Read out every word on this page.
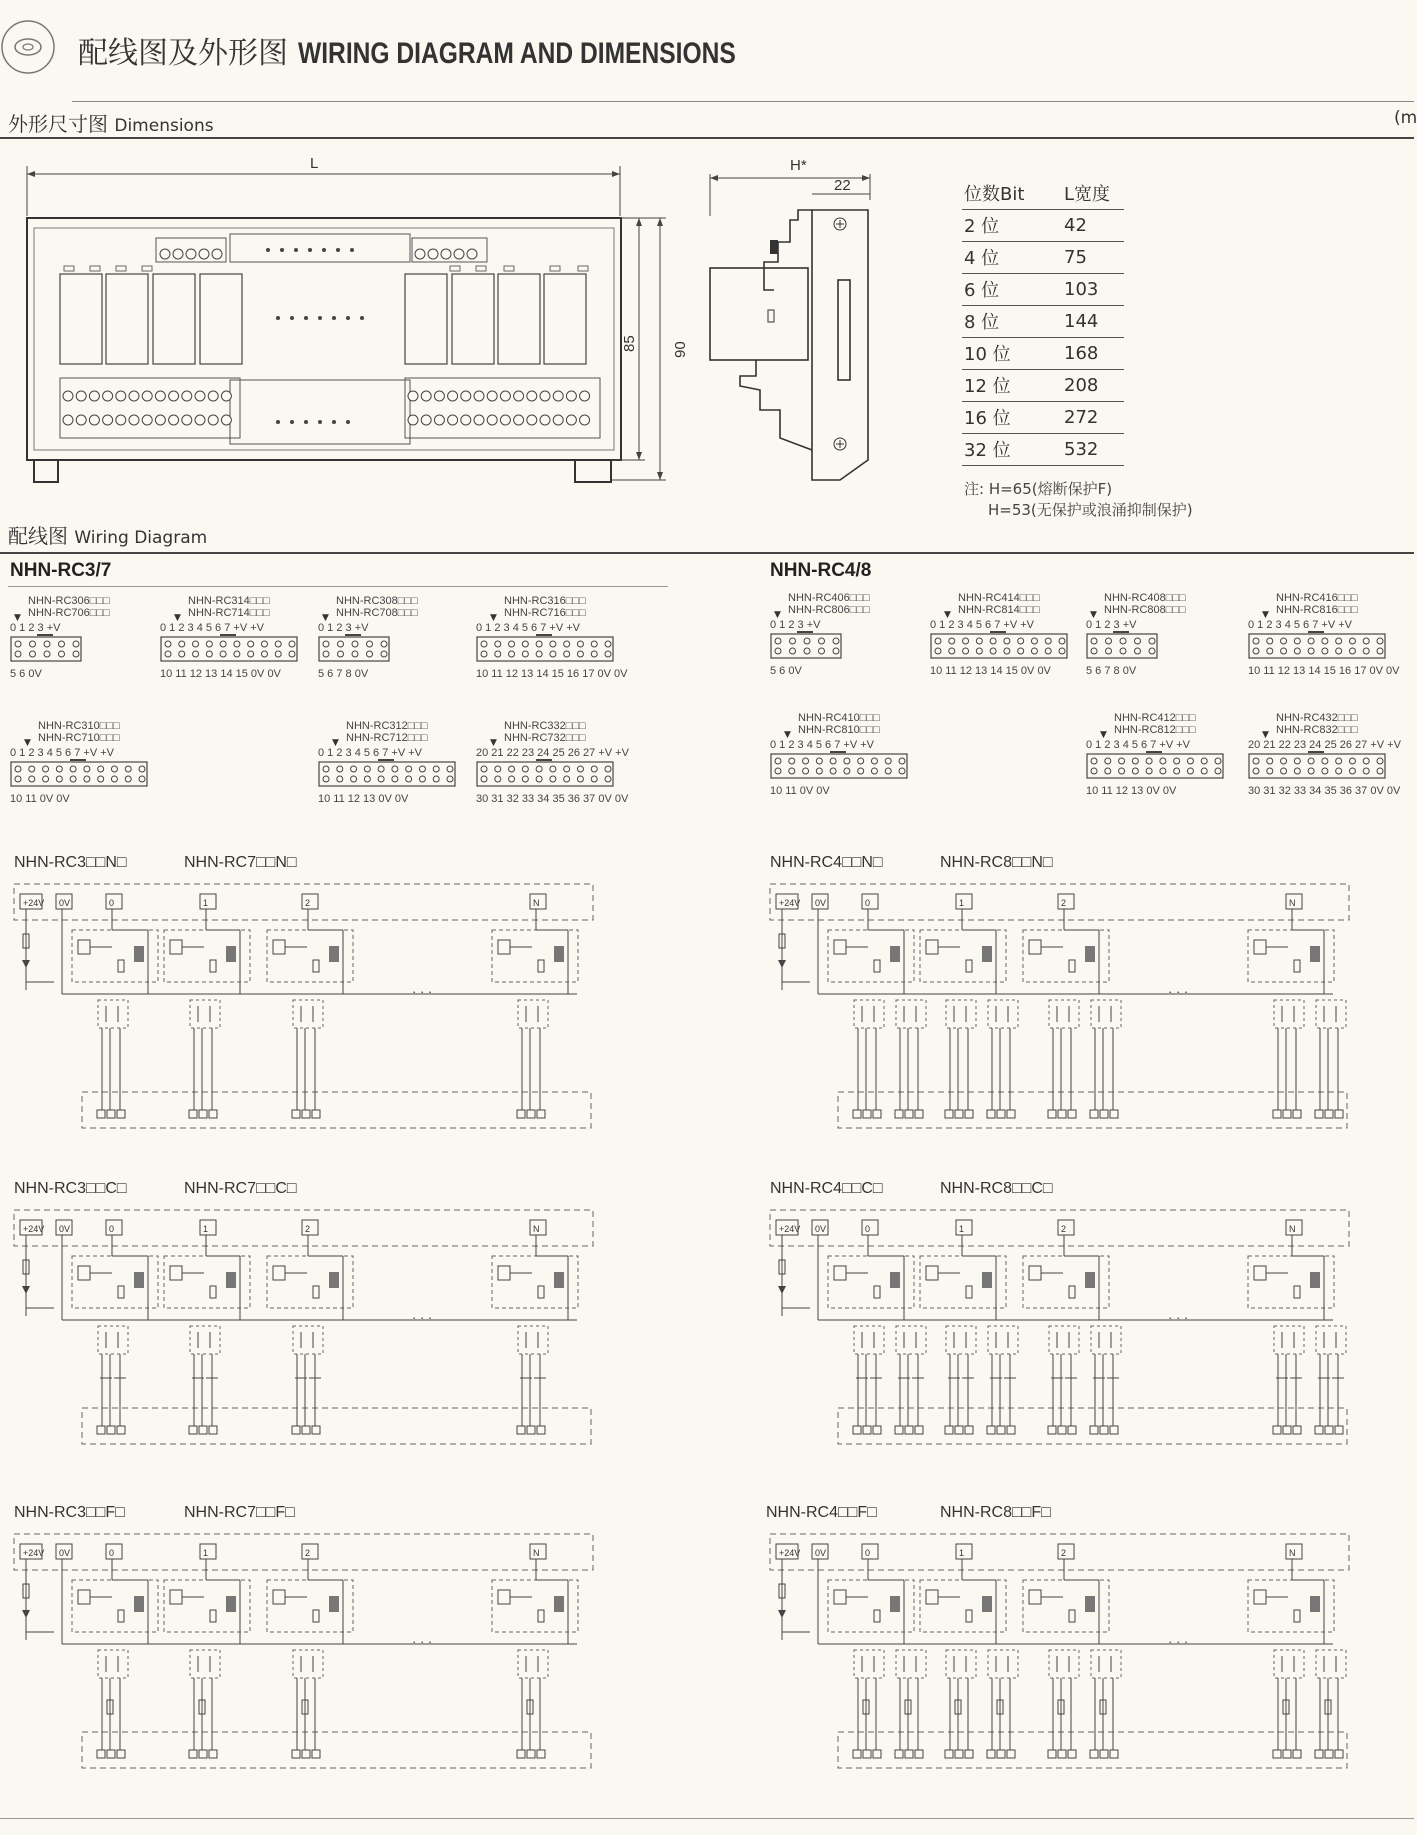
配线图及外形图 WIRING DIAGRAM AND DIMENSIONS
外形尺寸图 Dimensions	(m
L
85 90
H*
22	位数Bit	L宽度
2 位	42
4 位	75
6 位	103
8 位	144
10 位	168
12 位	208
16 位	272
32 位	532
注: H=65(熔断保护F)
H=53(无保护或浪涌抑制保护)
配线图 Wiring Diagram
NHN-RC3/7	NHN-RC4/8
NHN-RC306□□□
NHN-RC706□□□
0 1 2 3 +V
5 6 0V
▼
NHN-RC314□□□
NHN-RC714□□□
0 1 2 3 4 5 6 7 +V +V
10 11 12 13 14 15 0V 0V
▼
NHN-RC308□□□
NHN-RC708□□□
0 1 2 3 +V
5 6 7 8 0V
▼
NHN-RC316□□□
NHN-RC716□□□
0 1 2 3 4 5 6 7 +V +V
10 11 12 13 14 15 16 17 0V 0V
▼
NHN-RC310□□□
NHN-RC710□□□
0 1 2 3 4 5 6 7 +V +V
10 11 0V 0V
▼
NHN-RC312□□□
NHN-RC712□□□
0 1 2 3 4 5 6 7 +V +V
10 11 12 13 0V 0V
▼
NHN-RC332□□□
NHN-RC732□□□
20 21 22 23 24 25 26 27 +V +V
30 31 32 33 34 35 36 37 0V 0V
▼
NHN-RC406□□□
NHN-RC806□□□
0 1 2 3 +V
5 6 0V
▼
NHN-RC414□□□
NHN-RC814□□□
0 1 2 3 4 5 6 7 +V +V
10 11 12 13 14 15 0V 0V
▼
NHN-RC408□□□
NHN-RC808□□□
0 1 2 3 +V
5 6 7 8 0V
▼
NHN-RC416□□□
NHN-RC816□□□
0 1 2 3 4 5 6 7 +V +V
10 11 12 13 14 15 16 17 0V 0V
▼
NHN-RC410□□□
NHN-RC810□□□
0 1 2 3 4 5 6 7 +V +V
10 11 0V 0V
▼
NHN-RC412□□□
NHN-RC812□□□
0 1 2 3 4 5 6 7 +V +V
10 11 12 13 0V 0V
▼
NHN-RC432□□□
NHN-RC832□□□
20 21 22 23 24 25 26 27 +V +V
30 31 32 33 34 35 36 37 0V 0V
▼
NHN-RC3□□N□	NHN-RC7□□N□	NHN-RC4□□N□	NHN-RC8□□N□
NHN-RC3□□C□	NHN-RC7□□C□	NHN-RC4□□C□	NHN-RC8□□C□
NHN-RC3□□F□	NHN-RC7□□F□	NHN-RC4□□F□	NHN-RC8□□F□
+24V 0V	0	1	2	N
· · ·
+24V 0V	0	1	2	N
· · ·
+24V 0V	0	1	2	N
· · ·
+24V 0V	0	1	2	N
· · ·
+24V 0V	0	1	2	N
· · ·
+24V 0V	0	1	2	N
· · ·
